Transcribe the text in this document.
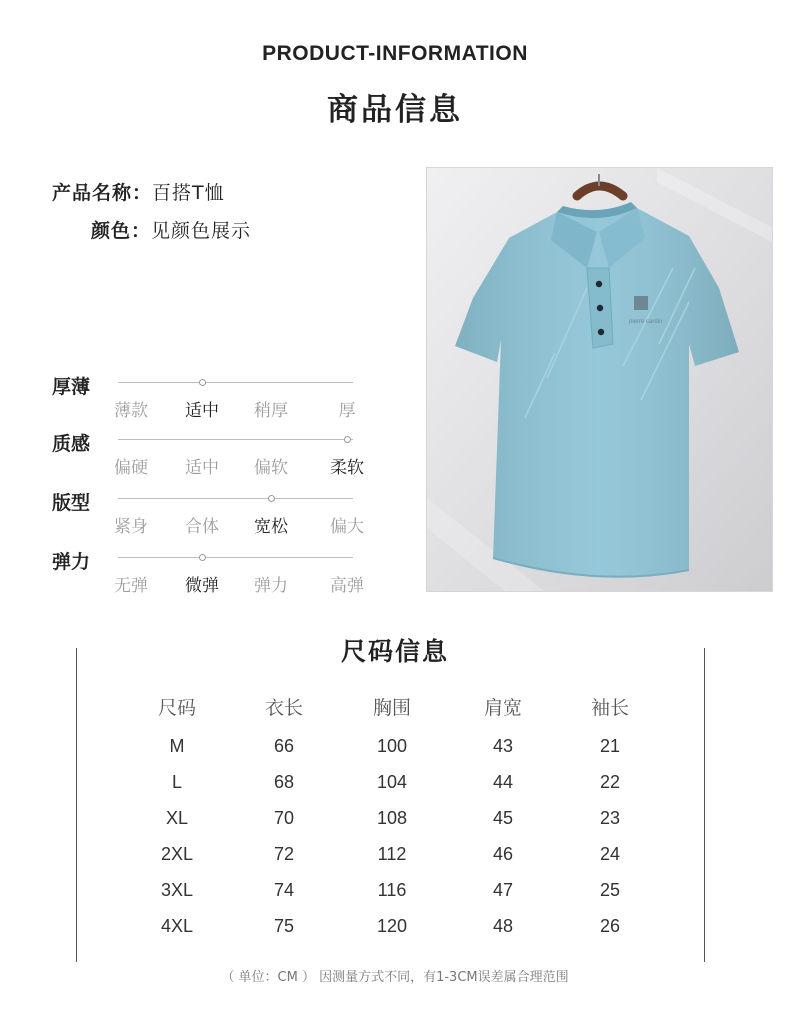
PRODUCT-INFORMATION
商品信息
产品名称：百搭T恤
颜色：见颜色展示
厚薄
薄款	适中	稍厚	厚
质感
偏硬	适中	偏软	柔软
版型
紧身	合体	宽松	偏大
弹力
无弹	微弹	弹力	高弹
pierre cardin
尺码信息
尺码	衣长	胸围	肩宽	袖长
M	66	100	43	21
L	68	104	44	22
XL	70	108	45	23
2XL	72	112	46	24
3XL	74	116	47	25
4XL	75	120	48	26
（ 单位：CM ） 因测量方式不同，有1-3CM误差属合理范围
